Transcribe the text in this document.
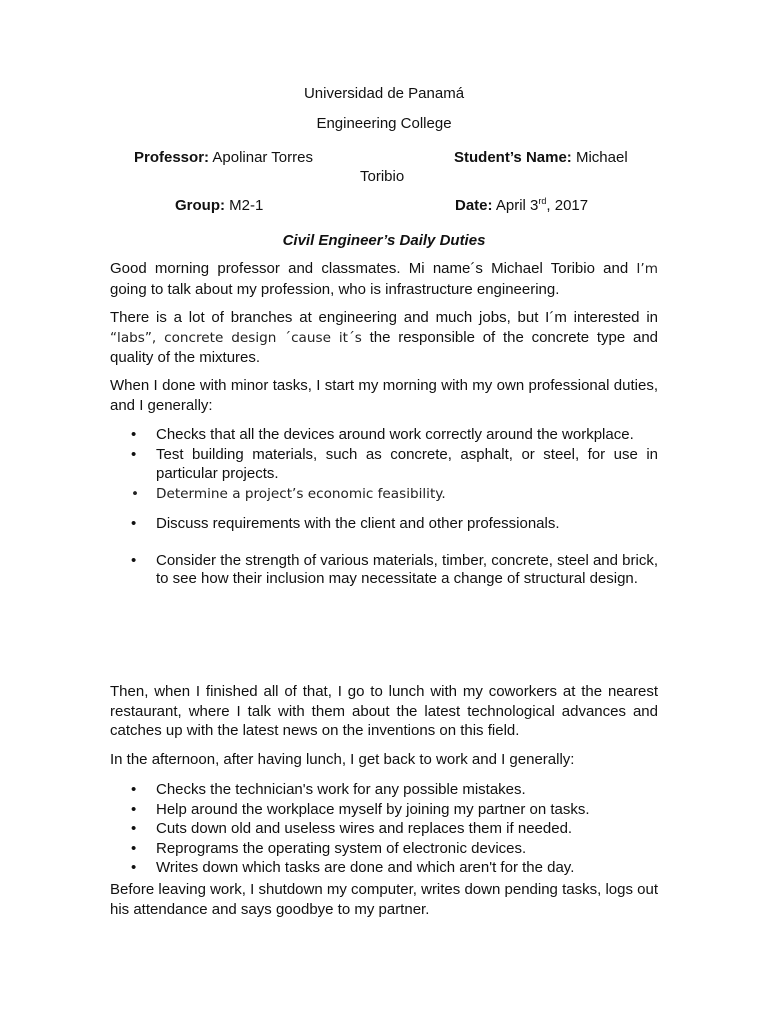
Universidad de Panamá
Engineering College
Professor: Apolinar Torres	Student’s Name: Michael
Toribio
Group: M2-1	Date: April 3rd, 2017
Civil Engineer’s Daily Duties

Good morning professor and classmates. Mi name´s Michael Toribio and I’m going to talk about my profession, who is infrastructure engineering.

There is a lot of branches at engineering and much jobs, but I´m interested in “labs”, concrete design ´cause it´s the responsible of the concrete type and quality of the mixtures.

When I done with minor tasks, I start my morning with my own professional duties, and I generally:

• Checks that all the devices around work correctly around the workplace.
• Test building materials, such as concrete, asphalt, or steel, for use in particular projects.
• Determine a project’s economic feasibility.
• Discuss requirements with the client and other professionals.
• Consider the strength of various materials, timber, concrete, steel and brick, to see how their inclusion may necessitate a change of structural design.

Then, when I finished all of that, I go to lunch with my coworkers at the nearest restaurant, where I talk with them about the latest technological advances and catches up with the latest news on the inventions on this field.

In the afternoon, after having lunch, I get back to work and I generally:

• Checks the technician's work for any possible mistakes.
• Help around the workplace myself by joining my partner on tasks.
• Cuts down old and useless wires and replaces them if needed.
• Reprograms the operating system of electronic devices.
• Writes down which tasks are done and which aren't for the day.

Before leaving work, I shutdown my computer, writes down pending tasks, logs out his attendance and says goodbye to my partner.
